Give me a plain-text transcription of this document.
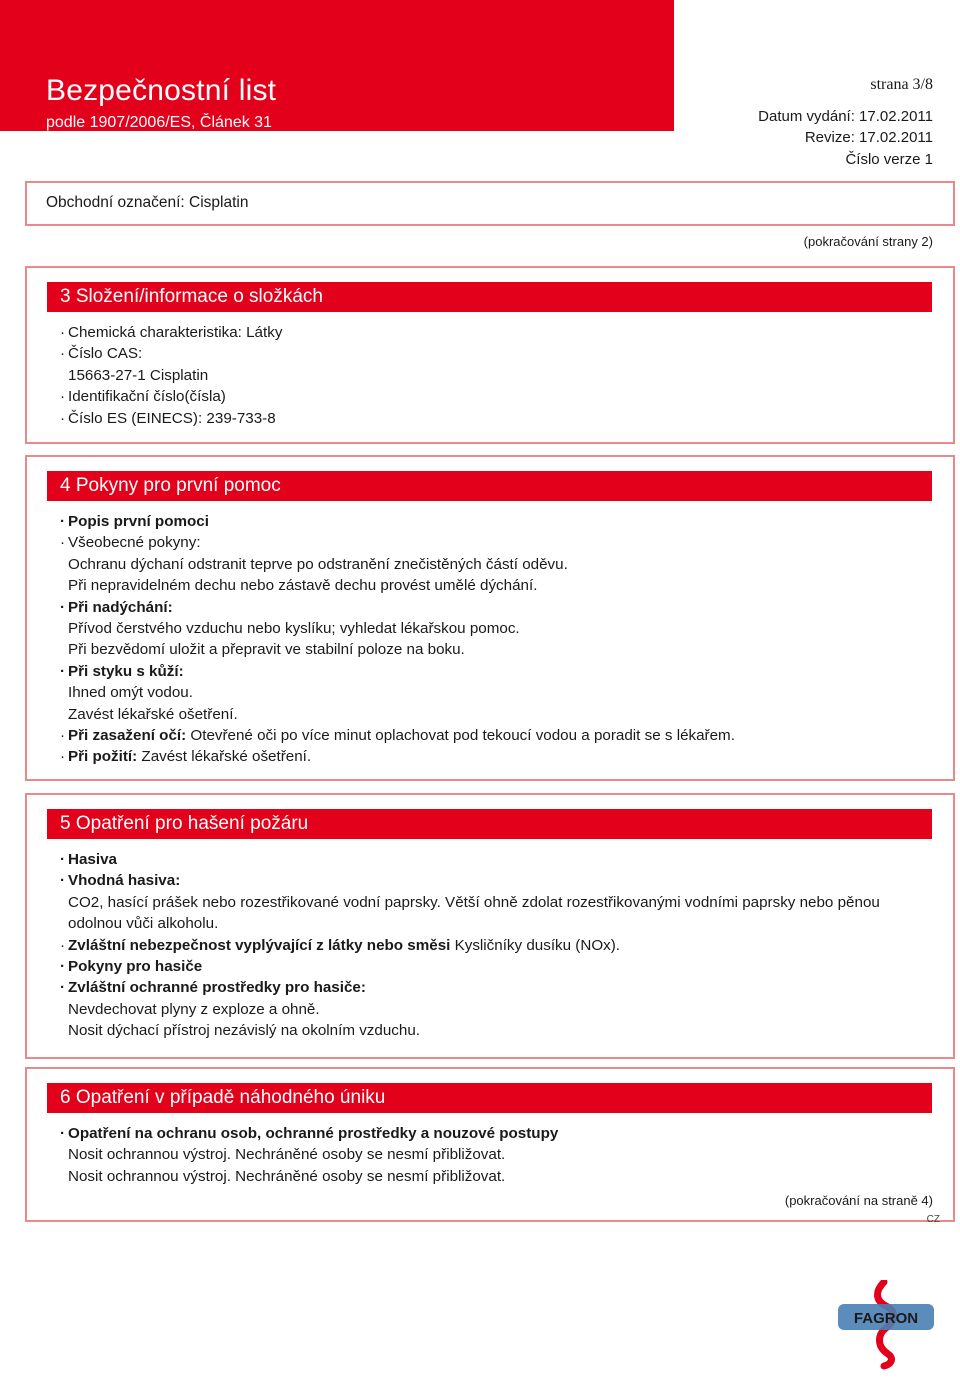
Bezpečnostní list
podle 1907/2006/ES, Článek 31
strana 3/8
Datum vydání: 17.02.2011
Revize: 17.02.2011
Číslo verze 1
Obchodní označení: Cisplatin
(pokračování strany 2)
3 Složení/informace o složkách
· Chemická charakteristika: Látky
· Číslo CAS:
15663-27-1 Cisplatin
· Identifikační číslo(čísla)
· Číslo ES (EINECS): 239-733-8
4 Pokyny pro první pomoc
· Popis první pomoci
· Všeobecné pokyny:
Ochranu dýchaní odstranit teprve po odstranění znečistěných částí oděvu.
Při nepravidelném dechu nebo zástavě dechu provést umělé dýchání.
· Při nadýchání:
Přívod čerstvého vzduchu nebo kyslíku; vyhledat lékařskou pomoc.
Při bezvědomí uložit a přepravit ve stabilní poloze na boku.
· Při styku s kůží:
Ihned omýt vodou.
Zavést lékařské ošetření.
· Při zasažení očí: Otevřené oči po více minut oplachovat pod tekoucí vodou a poradit se s lékařem.
· Při požití: Zavést lékařské ošetření.
5 Opatření pro hašení požáru
· Hasiva
· Vhodná hasiva:
CO2, hasící prášek nebo rozestřikované vodní paprsky. Větší ohně zdolat rozestřikovanými vodními paprsky nebo pěnou odolnou vůči alkoholu.
· Zvláštní nebezpečnost vyplývající z látky nebo směsi Kysličníky dusíku (NOx).
· Pokyny pro hasiče
· Zvláštní ochranné prostředky pro hasiče:
Nevdechovat plyny z exploze a ohně.
Nosit dýchací přístroj nezávislý na okolním vzduchu.
6 Opatření v případě náhodného úniku
· Opatření na ochranu osob, ochranné prostředky a nouzové postupy
Nosit ochrannou výstroj. Nechráněné osoby se nesmí přibližovat.
Nosit ochrannou výstroj. Nechráněné osoby se nesmí přibližovat.
(pokračování na straně 4)
CZ
FAGRON
